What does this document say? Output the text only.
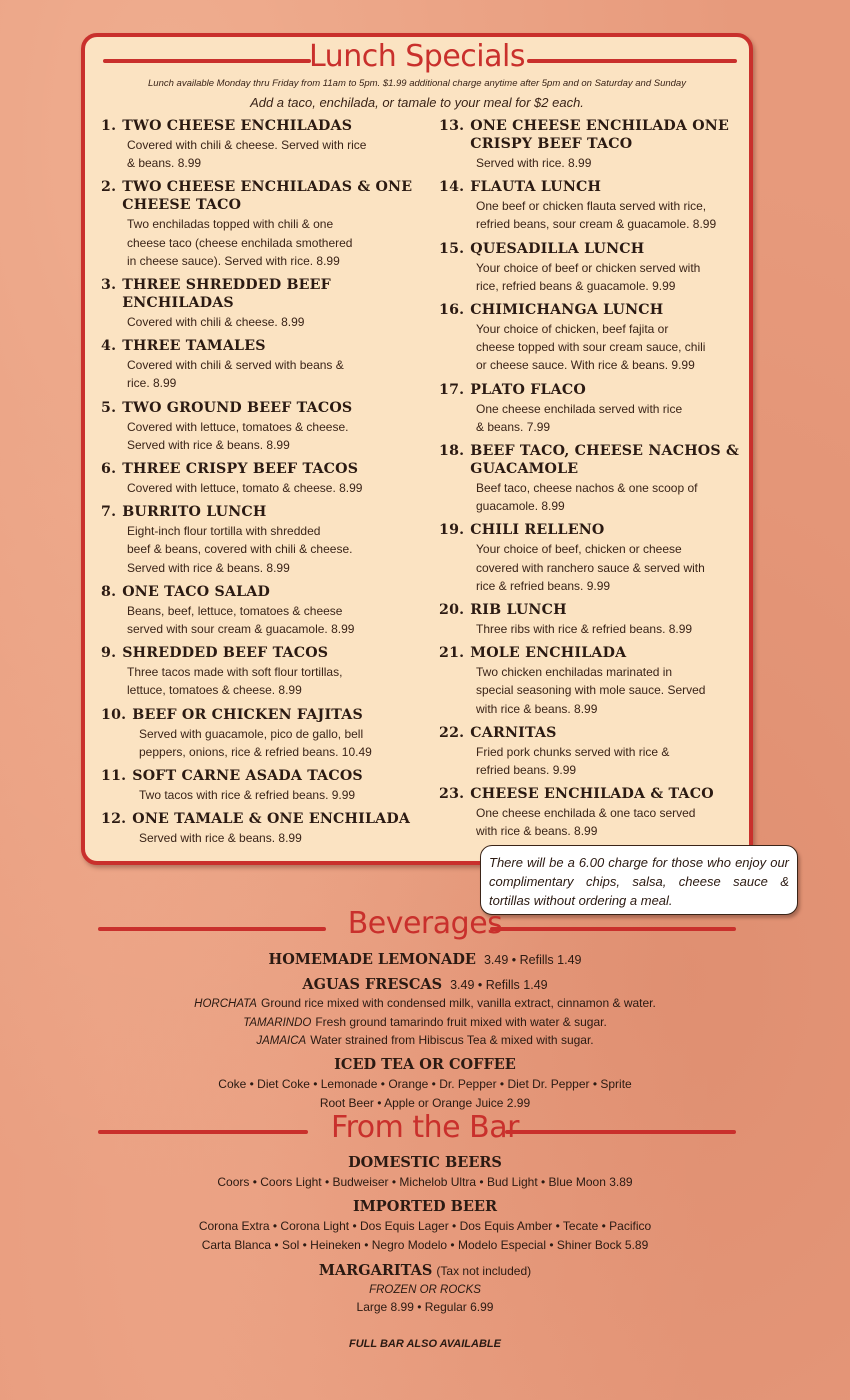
Lunch Specials
Lunch available Monday thru Friday from 11am to 5pm. $1.99 additional charge anytime after 5pm and on Saturday and Sunday
Add a taco, enchilada, or tamale to your meal for $2 each.
1. TWO CHEESE ENCHILADAS
Covered with chili & cheese. Served with rice
& beans. 8.99
2. TWO CHEESE ENCHILADAS & ONE CHEESE TACO
Two enchiladas topped with chili & one
cheese taco (cheese enchilada smothered
in cheese sauce). Served with rice. 8.99
3. THREE SHREDDED BEEF ENCHILADAS
Covered with chili & cheese. 8.99
4. THREE TAMALES
Covered with chili & served with beans &
rice. 8.99
5. TWO GROUND BEEF TACOS
Covered with lettuce, tomatoes & cheese.
Served with rice & beans. 8.99
6. THREE CRISPY BEEF TACOS
Covered with lettuce, tomato & cheese. 8.99
7. BURRITO LUNCH
Eight-inch flour tortilla with shredded
beef & beans, covered with chili & cheese.
Served with rice & beans. 8.99
8. ONE TACO SALAD
Beans, beef, lettuce, tomatoes & cheese
served with sour cream & guacamole. 8.99
9. SHREDDED BEEF TACOS
Three tacos made with soft flour tortillas,
lettuce, tomatoes & cheese. 8.99
10. BEEF OR CHICKEN FAJITAS
Served with guacamole, pico de gallo, bell
peppers, onions, rice & refried beans. 10.49
11. SOFT CARNE ASADA TACOS
Two tacos with rice & refried beans. 9.99
12. ONE TAMALE & ONE ENCHILADA
Served with rice & beans. 8.99
13. ONE CHEESE ENCHILADA ONE CRISPY BEEF TACO
Served with rice. 8.99
14. FLAUTA LUNCH
One beef or chicken flauta served with rice,
refried beans, sour cream & guacamole. 8.99
15. QUESADILLA LUNCH
Your choice of beef or chicken served with
rice, refried beans & guacamole. 9.99
16. CHIMICHANGA LUNCH
Your choice of chicken, beef fajita or
cheese topped with sour cream sauce, chili
or cheese sauce. With rice & beans. 9.99
17. PLATO FLACO
One cheese enchilada served with rice
& beans. 7.99
18. BEEF TACO, CHEESE NACHOS & GUACAMOLE
Beef taco, cheese nachos & one scoop of
guacamole. 8.99
19. CHILI RELLENO
Your choice of beef, chicken or cheese
covered with ranchero sauce & served with
rice & refried beans. 9.99
20. RIB LUNCH
Three ribs with rice & refried beans. 8.99
21. MOLE ENCHILADA
Two chicken enchiladas marinated in
special seasoning with mole sauce. Served
with rice & beans. 8.99
22. CARNITAS
Fried pork chunks served with rice &
refried beans. 9.99
23. CHEESE ENCHILADA & TACO
One cheese enchilada & one taco served
with rice & beans. 8.99
There will be a 6.00 charge for those who enjoy our complimentary chips, salsa, cheese sauce & tortillas without ordering a meal.
Beverages
HOMEMADE LEMONADE 3.49 • Refills 1.49
AGUAS FRESCAS 3.49 • Refills 1.49
HORCHATA Ground rice mixed with condensed milk, vanilla extract, cinnamon & water.
TAMARINDO Fresh ground tamarindo fruit mixed with water & sugar.
JAMAICA Water strained from Hibiscus Tea & mixed with sugar.
ICED TEA OR COFFEE
Coke • Diet Coke • Lemonade • Orange • Dr. Pepper • Diet Dr. Pepper • Sprite
Root Beer • Apple or Orange Juice 2.99
From the Bar
DOMESTIC BEERS
Coors • Coors Light • Budweiser • Michelob Ultra • Bud Light • Blue Moon 3.89
IMPORTED BEER
Corona Extra • Corona Light • Dos Equis Lager • Dos Equis Amber • Tecate • Pacifico
Carta Blanca • Sol • Heineken • Negro Modelo • Modelo Especial • Shiner Bock 5.89
MARGARITAS (Tax not included)
FROZEN OR ROCKS
Large 8.99 • Regular 6.99
FULL BAR ALSO AVAILABLE
